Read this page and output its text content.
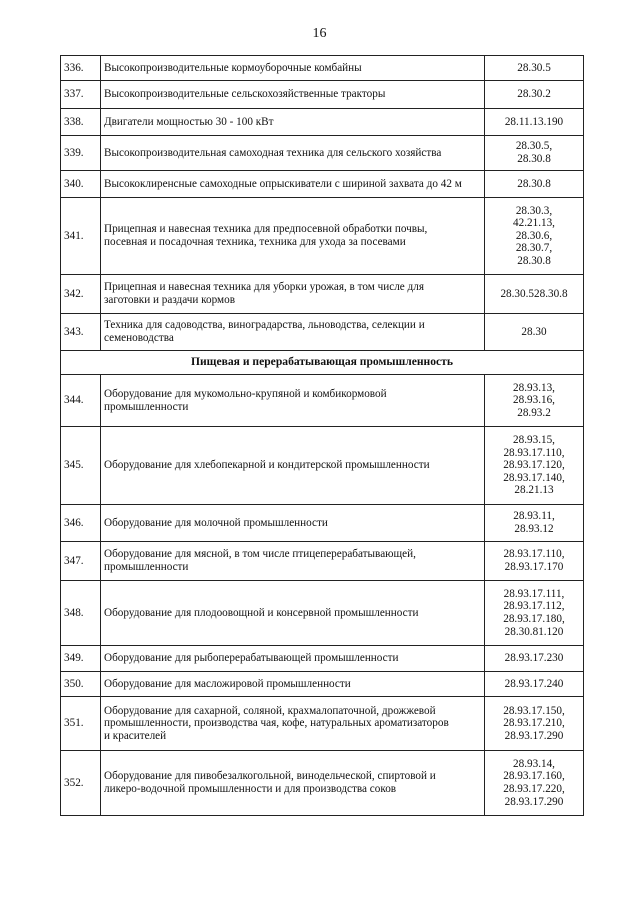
16
336.	Высокопроизводительные кормоуборочные комбайны	28.30.5
337.	Высокопроизводительные сельскохозяйственные тракторы	28.30.2
338.	Двигатели мощностью 30 - 100 кВт	28.11.13.190
339.	Высокопроизводительная самоходная техника для сельского хозяйства	28.30.5,
28.30.8
340.	Высококлиренсные самоходные опрыскиватели с шириной захвата до 42 м	28.30.8
341.	Прицепная и навесная техника для предпосевной обработки почвы,
посевная и посадочная техника, техника для ухода за посевами	28.30.3,
42.21.13,
28.30.6,
28.30.7,
28.30.8
342.	Прицепная и навесная техника для уборки урожая, в том числе для
заготовки и раздачи кормов	28.30.528.30.8
343.	Техника для садоводства, виноградарства, льноводства, селекции и
семеноводства	28.30
Пищевая и перерабатывающая промышленность		
344.	Оборудование для мукомольно-крупяной и комбикормовой
промышленности	28.93.13,
28.93.16,
28.93.2
345.	Оборудование для хлебопекарной и кондитерской промышленности	28.93.15,
28.93.17.110,
28.93.17.120,
28.93.17.140,
28.21.13
346.	Оборудование для молочной промышленности	28.93.11,
28.93.12
347.	Оборудование для мясной, в том числе птицеперерабатывающей,
промышленности	28.93.17.110,
28.93.17.170
348.	Оборудование для плодоовощной и консервной промышленности	28.93.17.111,
28.93.17.112,
28.93.17.180,
28.30.81.120
349.	Оборудование для рыбоперерабатывающей промышленности	28.93.17.230
350.	Оборудование для масложировой промышленности	28.93.17.240
351.	Оборудование для сахарной, соляной, крахмалопаточной, дрожжевой
промышленности, производства чая, кофе, натуральных ароматизаторов
и красителей	28.93.17.150,
28.93.17.210,
28.93.17.290
352.	Оборудование для пивобезалкогольной, винодельческой, спиртовой и
ликеро-водочной промышленности и для производства соков	28.93.14,
28.93.17.160,
28.93.17.220,
28.93.17.290
